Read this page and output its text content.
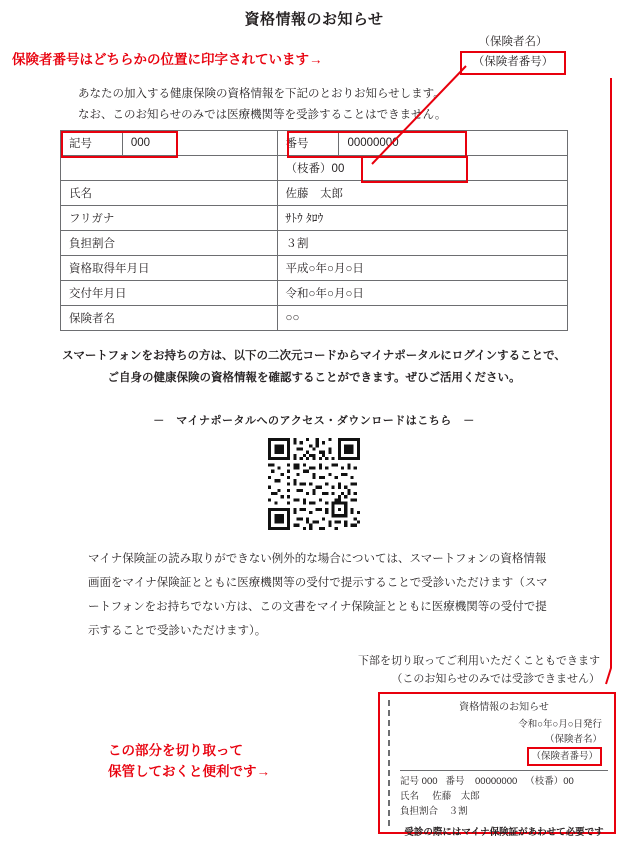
資格情報のお知らせ
保険者番号はどちらかの位置に印字されています→
（保険者名）
（保険者番号）
あなたの加入する健康保険の資格情報を下記のとおりお知らせします。
なお、このお知らせのみでは医療機関等を受診することはできません。
記号	000	番号	00000000
		（枝番）00	
氏名		佐藤　太郎	
フリガナ		ｻﾄｳ ﾀﾛｳ	
負担割合		３割	
資格取得年月日		平成○年○月○日	
交付年月日		令和○年○月○日	
保険者名		○○	
スマートフォンをお持ちの方は、以下の二次元コードからマイナポータルにログインすることで、
ご自身の健康保険の資格情報を確認することができます。ぜひご活用ください。
－　マイナポータルへのアクセス・ダウンロードはこちら　－
マイナ保険証の読み取りができない例外的な場合については、スマートフォンの資格情報画面をマイナ保険証とともに医療機関等の受付で提示することで受診いただけます（スマートフォンをお持ちでない方は、この文書をマイナ保険証とともに医療機関等の受付で提示することで受診いただけます）。
下部を切り取ってご利用いただくこともできます
（このお知らせのみでは受診できません）
資格情報のお知らせ
令和○年○月○日発行
（保険者名）
（保険者番号）
記号 000 番号 00000000 （枝番）00
氏名 佐藤　太郎
負担割合 ３割
受診の際にはマイナ保険証があわせて必要です
この部分を切り取って
保管しておくと便利です→
